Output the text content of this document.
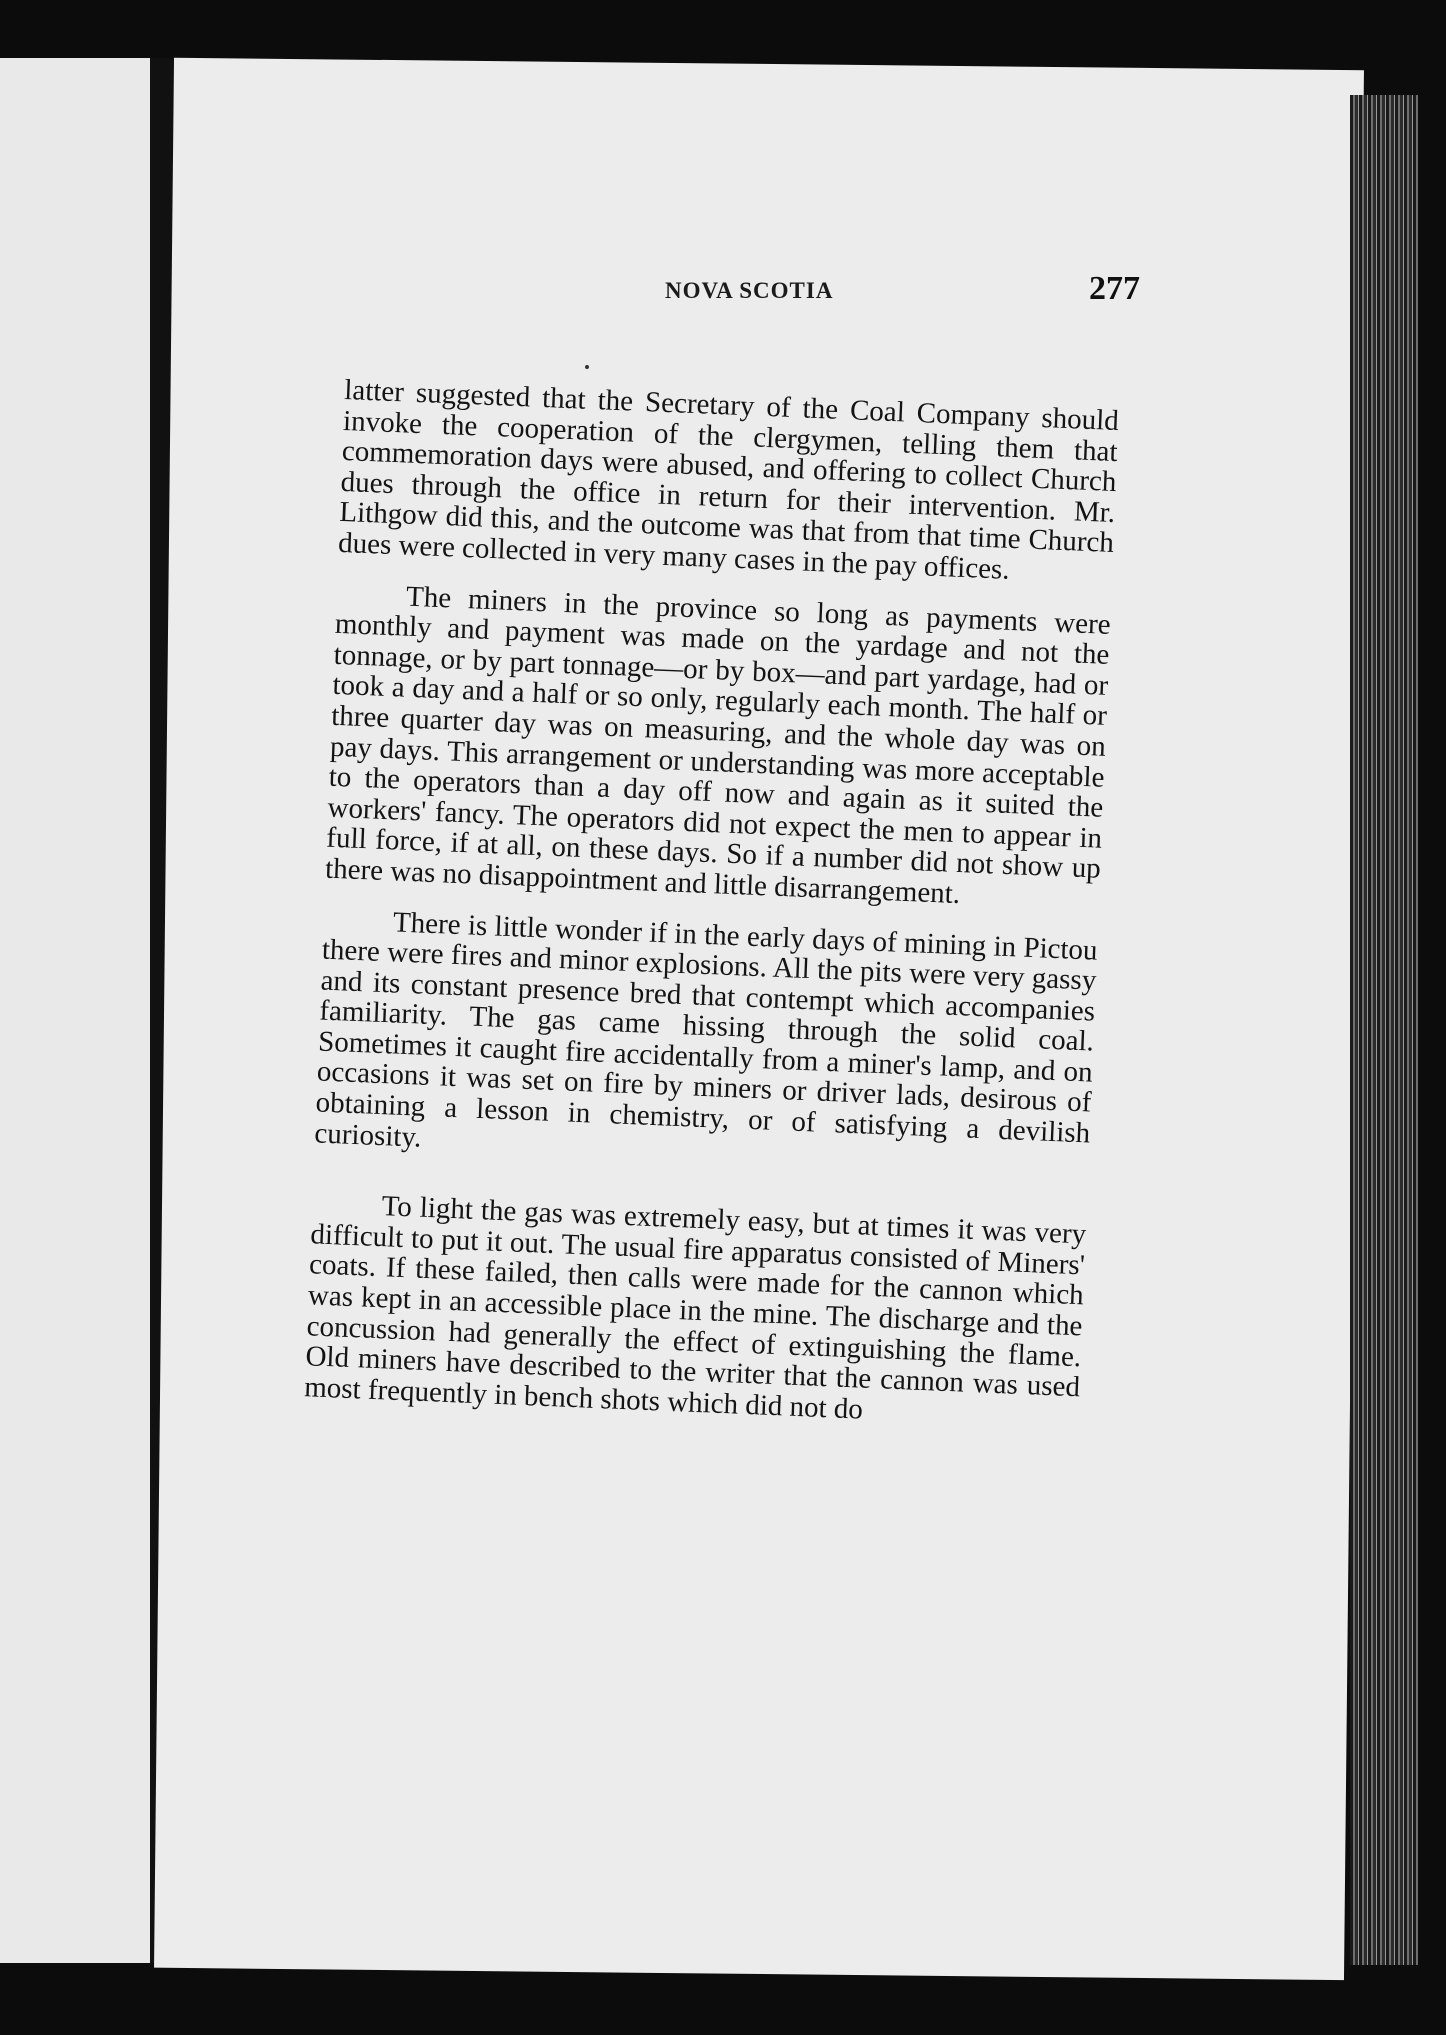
NOVA SCOTIA	277

latter suggested that the Secretary of the Coal Company should invoke the cooperation of the clergymen, telling them that commemoration days were abused, and offering to collect Church dues through the office in return for their intervention. Mr. Lithgow did this, and the outcome was that from that time Church dues were collected in very many cases in the pay offices.

The miners in the province so long as payments were monthly and payment was made on the yardage and not the tonnage, or by part tonnage—or by box—and part yardage, had or took a day and a half or so only, regularly each month. The half or three quarter day was on measuring, and the whole day was on pay days. This arrangement or understanding was more acceptable to the operators than a day off now and again as it suited the workers' fancy. The operators did not expect the men to appear in full force, if at all, on these days. So if a number did not show up there was no disappointment and little disarrangement.

There is little wonder if in the early days of mining in Pictou there were fires and minor explosions. All the pits were very gassy and its constant presence bred that contempt which accompanies familiarity. The gas came hissing through the solid coal. Sometimes it caught fire accidentally from a miner's lamp, and on occasions it was set on fire by miners or driver lads, desirous of obtaining a lesson in chemistry, or of satisfying a devilish curiosity.

To light the gas was extremely easy, but at times it was very difficult to put it out. The usual fire apparatus consisted of Miners' coats. If these failed, then calls were made for the cannon which was kept in an accessible place in the mine. The discharge and the concussion had generally the effect of extinguishing the flame. Old miners have described to the writer that the cannon was used most frequently in bench shots which did not do
